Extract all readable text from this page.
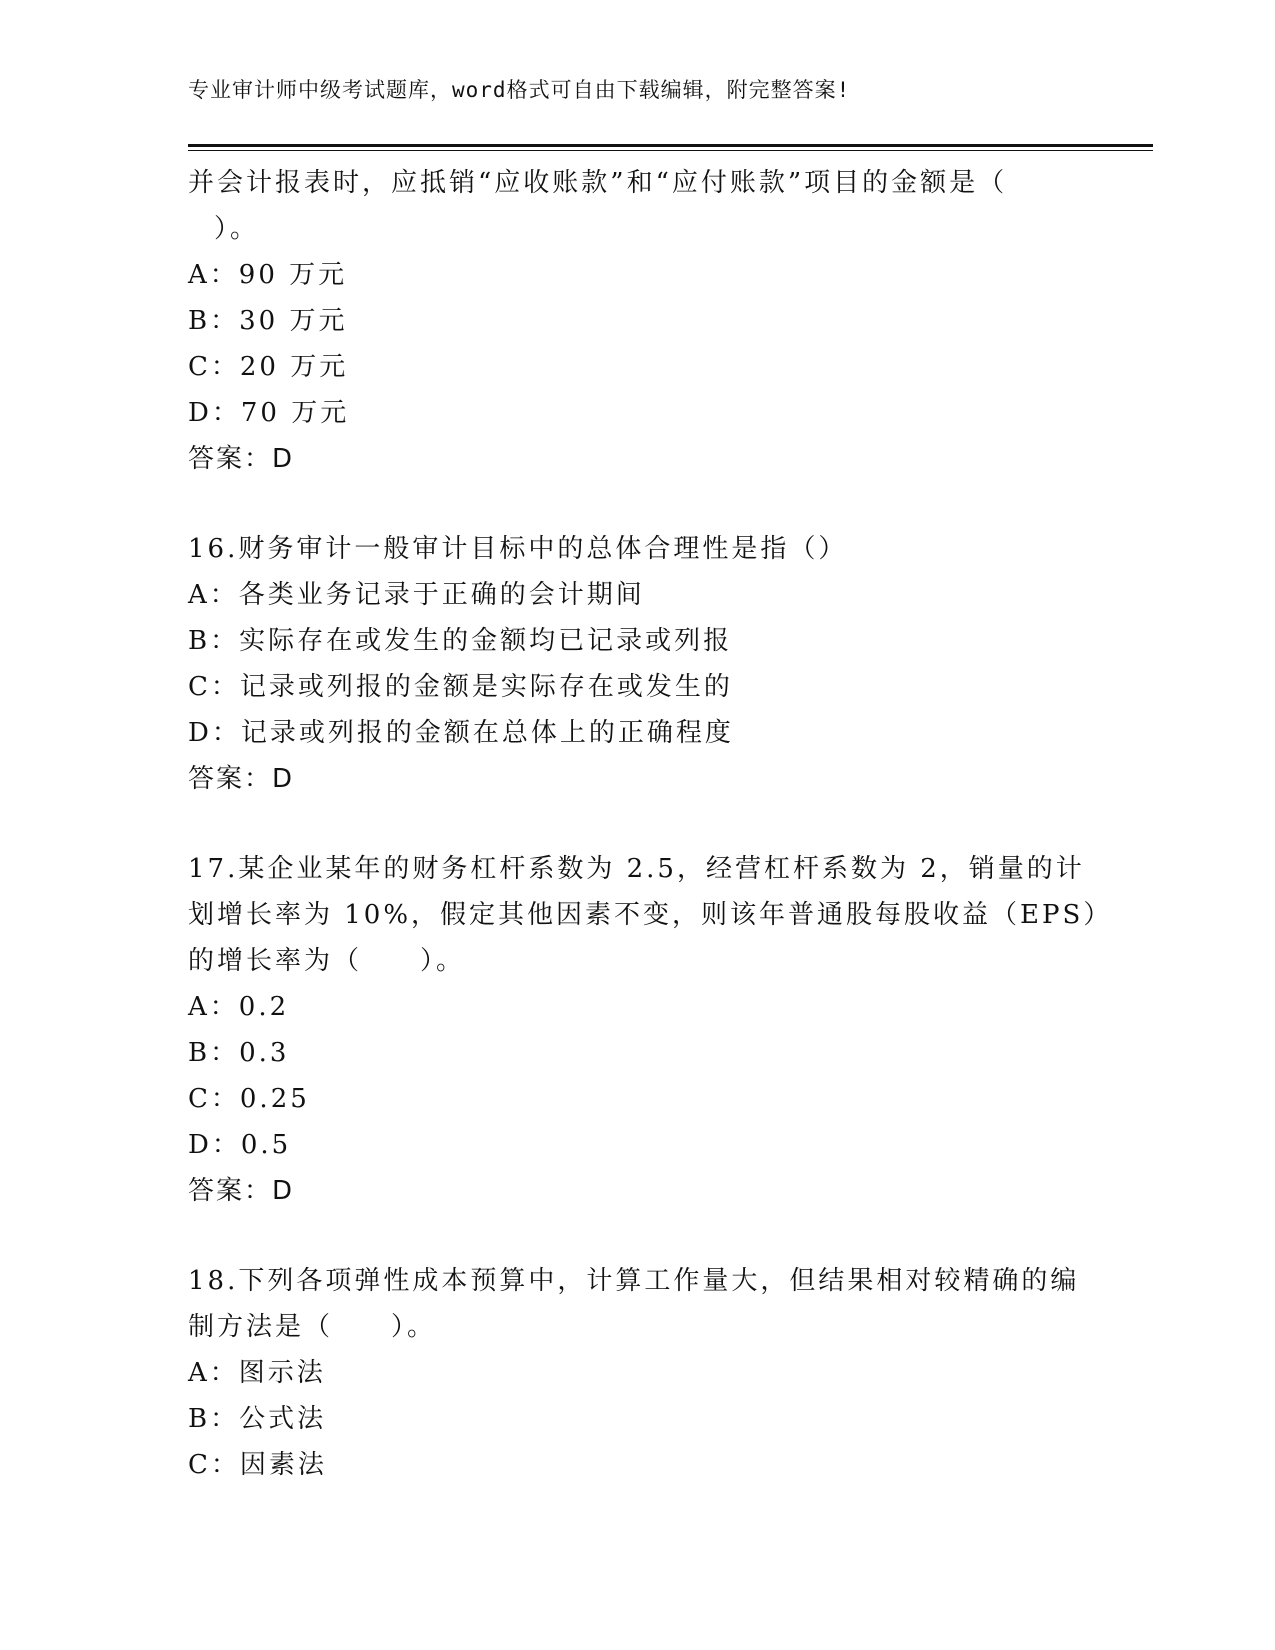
专业审计师中级考试题库，word格式可自由下载编辑，附完整答案!
并会计报表时，应抵销“应收账款”和“应付账款”项目的金额是（
）。
A：90 万元
B：30 万元
C：20 万元
D：70 万元
答案：D
16.财务审计一般审计目标中的总体合理性是指（）
A：各类业务记录于正确的会计期间
B：实际存在或发生的金额均已记录或列报
C：记录或列报的金额是实际存在或发生的
D：记录或列报的金额在总体上的正确程度
答案：D
17.某企业某年的财务杠杆系数为 2.5，经营杠杆系数为 2，销量的计
划增长率为 10%，假定其他因素不变，则该年普通股每股收益（EPS）
的增长率为（　　）。
A：0.2
B：0.3
C：0.25
D：0.5
答案：D
18.下列各项弹性成本预算中，计算工作量大，但结果相对较精确的编
制方法是（　　）。
A：图示法
B：公式法
C：因素法
